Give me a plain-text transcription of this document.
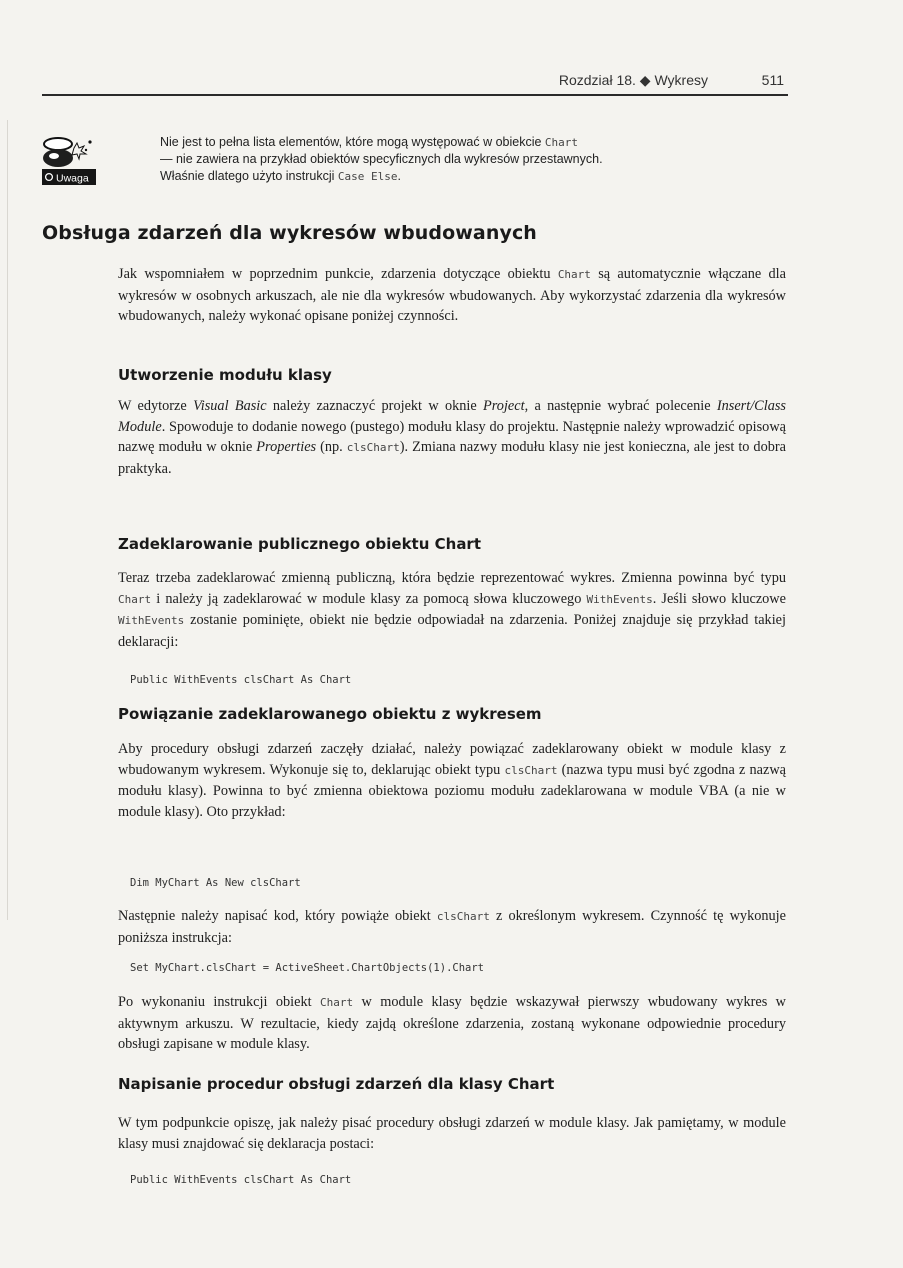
Rozdział 18. ◆ Wykresy	511
Uwaga
Nie jest to pełna lista elementów, które mogą występować w obiekcie Chart
— nie zawiera na przykład obiektów specyficznych dla wykresów przestawnych.
Właśnie dlatego użyto instrukcji Case Else.
Obsługa zdarzeń dla wykresów wbudowanych

Jak wspomniałem w poprzednim punkcie, zdarzenia dotyczące obiektu Chart są automatycznie włączane dla wykresów w osobnych arkuszach, ale nie dla wykresów wbudowanych. Aby wykorzystać zdarzenia dla wykresów wbudowanych, należy wykonać opisane poniżej czynności.

Utworzenie modułu klasy

W edytorze Visual Basic należy zaznaczyć projekt w oknie Project, a następnie wybrać polecenie Insert/Class Module. Spowoduje to dodanie nowego (pustego) modułu klasy do projektu. Następnie należy wprowadzić opisową nazwę modułu w oknie Properties (np. clsChart). Zmiana nazwy modułu klasy nie jest konieczna, ale jest to dobra praktyka.

Zadeklarowanie publicznego obiektu Chart

Teraz trzeba zadeklarować zmienną publiczną, która będzie reprezentować wykres. Zmienna powinna być typu Chart i należy ją zadeklarować w module klasy za pomocą słowa kluczowego WithEvents. Jeśli słowo kluczowe WithEvents zostanie pominięte, obiekt nie będzie odpowiadał na zdarzenia. Poniżej znajduje się przykład takiej deklaracji:

Public WithEvents clsChart As Chart
Powiązanie zadeklarowanego obiektu z wykresem

Aby procedury obsługi zdarzeń zaczęły działać, należy powiązać zadeklarowany obiekt w module klasy z wbudowanym wykresem. Wykonuje się to, deklarując obiekt typu clsChart (nazwa typu musi być zgodna z nazwą modułu klasy). Powinna to być zmienna obiektowa poziomu modułu zadeklarowana w module VBA (a nie w module klasy). Oto przykład:

Dim MyChart As New clsChart

Następnie należy napisać kod, który powiąże obiekt clsChart z określonym wykresem. Czynność tę wykonuje poniższa instrukcja:

Set MyChart.clsChart = ActiveSheet.ChartObjects(1).Chart

Po wykonaniu instrukcji obiekt Chart w module klasy będzie wskazywał pierwszy wbudowany wykres w aktywnym arkuszu. W rezultacie, kiedy zajdą określone zdarzenia, zostaną wykonane odpowiednie procedury obsługi zapisane w module klasy.

Napisanie procedur obsługi zdarzeń dla klasy Chart

W tym podpunkcie opiszę, jak należy pisać procedury obsługi zdarzeń w module klasy. Jak pamiętamy, w module klasy musi znajdować się deklaracja postaci:

Public WithEvents clsChart As Chart
